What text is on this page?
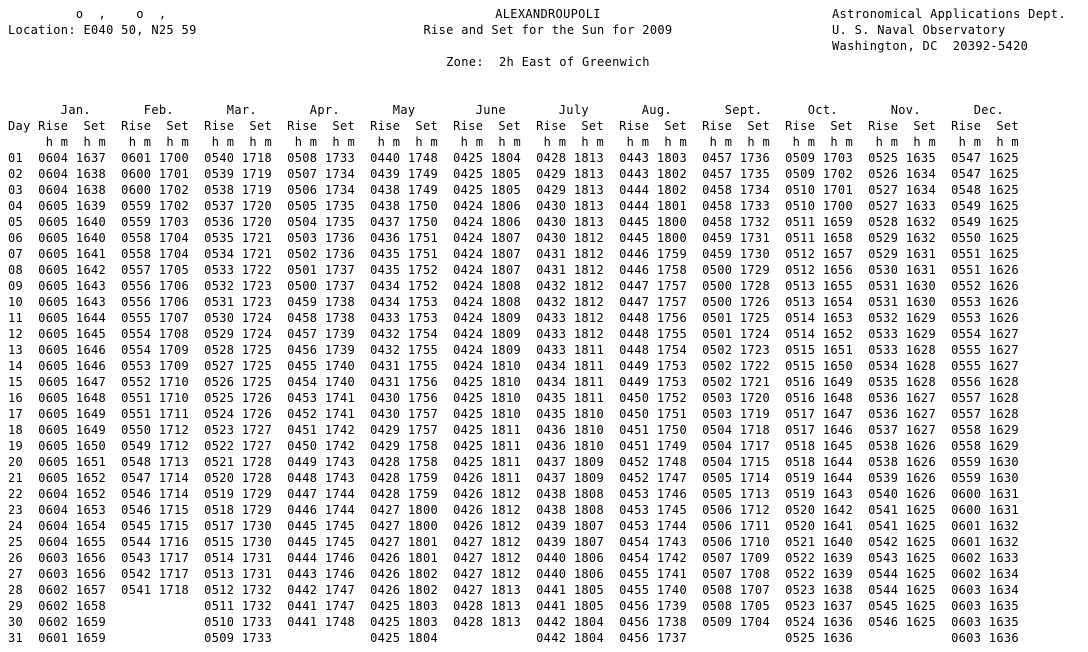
o  ,    o  ,
Location: E040 50, N25 59
ALEXANDROUPOLI
Rise and Set for the Sun for 2009
Astronomical Applications Dept.
U. S. Naval Observatory
Washington, DC  20392-5420
Zone:  2h East of Greenwich
Jan.       Feb.       Mar.       Apr.       May        June       July       Aug.       Sept.      Oct.       Nov.       Dec.
Day Rise  Set  Rise  Set  Rise  Set  Rise  Set  Rise  Set  Rise  Set  Rise  Set  Rise  Set  Rise  Set  Rise  Set  Rise  Set  Rise  Set
h m  h m   h m  h m   h m  h m   h m  h m   h m  h m   h m  h m   h m  h m   h m  h m   h m  h m   h m  h m   h m  h m   h m  h m
01  0604 1637  0601 1700  0540 1718  0508 1733  0440 1748  0425 1804  0428 1813  0443 1803  0457 1736  0509 1703  0525 1635  0547 1625
02  0604 1638  0600 1701  0539 1719  0507 1734  0439 1749  0425 1805  0429 1813  0443 1802  0457 1735  0509 1702  0526 1634  0547 1625
03  0604 1638  0600 1702  0538 1719  0506 1734  0438 1749  0425 1805  0429 1813  0444 1802  0458 1734  0510 1701  0527 1634  0548 1625
04  0605 1639  0559 1702  0537 1720  0505 1735  0438 1750  0424 1806  0430 1813  0444 1801  0458 1733  0510 1700  0527 1633  0549 1625
05  0605 1640  0559 1703  0536 1720  0504 1735  0437 1750  0424 1806  0430 1813  0445 1800  0458 1732  0511 1659  0528 1632  0549 1625
06  0605 1640  0558 1704  0535 1721  0503 1736  0436 1751  0424 1807  0430 1812  0445 1800  0459 1731  0511 1658  0529 1632  0550 1625
07  0605 1641  0558 1704  0534 1721  0502 1736  0435 1751  0424 1807  0431 1812  0446 1759  0459 1730  0512 1657  0529 1631  0551 1625
08  0605 1642  0557 1705  0533 1722  0501 1737  0435 1752  0424 1807  0431 1812  0446 1758  0500 1729  0512 1656  0530 1631  0551 1626
09  0605 1643  0556 1706  0532 1723  0500 1737  0434 1752  0424 1808  0432 1812  0447 1757  0500 1728  0513 1655  0531 1630  0552 1626
10  0605 1643  0556 1706  0531 1723  0459 1738  0434 1753  0424 1808  0432 1812  0447 1757  0500 1726  0513 1654  0531 1630  0553 1626
11  0605 1644  0555 1707  0530 1724  0458 1738  0433 1753  0424 1809  0433 1812  0448 1756  0501 1725  0514 1653  0532 1629  0553 1626
12  0605 1645  0554 1708  0529 1724  0457 1739  0432 1754  0424 1809  0433 1812  0448 1755  0501 1724  0514 1652  0533 1629  0554 1627
13  0605 1646  0554 1709  0528 1725  0456 1739  0432 1755  0424 1809  0433 1811  0448 1754  0502 1723  0515 1651  0533 1628  0555 1627
14  0605 1646  0553 1709  0527 1725  0455 1740  0431 1755  0424 1810  0434 1811  0449 1753  0502 1722  0515 1650  0534 1628  0555 1627
15  0605 1647  0552 1710  0526 1725  0454 1740  0431 1756  0425 1810  0434 1811  0449 1753  0502 1721  0516 1649  0535 1628  0556 1628
16  0605 1648  0551 1710  0525 1726  0453 1741  0430 1756  0425 1810  0435 1811  0450 1752  0503 1720  0516 1648  0536 1627  0557 1628
17  0605 1649  0551 1711  0524 1726  0452 1741  0430 1757  0425 1810  0435 1810  0450 1751  0503 1719  0517 1647  0536 1627  0557 1628
18  0605 1649  0550 1712  0523 1727  0451 1742  0429 1757  0425 1811  0436 1810  0451 1750  0504 1718  0517 1646  0537 1627  0558 1629
19  0605 1650  0549 1712  0522 1727  0450 1742  0429 1758  0425 1811  0436 1810  0451 1749  0504 1717  0518 1645  0538 1626  0558 1629
20  0605 1651  0548 1713  0521 1728  0449 1743  0428 1758  0425 1811  0437 1809  0452 1748  0504 1715  0518 1644  0538 1626  0559 1630
21  0605 1652  0547 1714  0520 1728  0448 1743  0428 1759  0426 1811  0437 1809  0452 1747  0505 1714  0519 1644  0539 1626  0559 1630
22  0604 1652  0546 1714  0519 1729  0447 1744  0428 1759  0426 1812  0438 1808  0453 1746  0505 1713  0519 1643  0540 1626  0600 1631
23  0604 1653  0546 1715  0518 1729  0446 1744  0427 1800  0426 1812  0438 1808  0453 1745  0506 1712  0520 1642  0541 1625  0600 1631
24  0604 1654  0545 1715  0517 1730  0445 1745  0427 1800  0426 1812  0439 1807  0453 1744  0506 1711  0520 1641  0541 1625  0601 1632
25  0604 1655  0544 1716  0515 1730  0445 1745  0427 1801  0427 1812  0439 1807  0454 1743  0506 1710  0521 1640  0542 1625  0601 1632
26  0603 1656  0543 1717  0514 1731  0444 1746  0426 1801  0427 1812  0440 1806  0454 1742  0507 1709  0522 1639  0543 1625  0602 1633
27  0603 1656  0542 1717  0513 1731  0443 1746  0426 1802  0427 1812  0440 1806  0455 1741  0507 1708  0522 1639  0544 1625  0602 1634
28  0602 1657  0541 1718  0512 1732  0442 1747  0426 1802  0427 1813  0441 1805  0455 1740  0508 1707  0523 1638  0544 1625  0603 1634
29  0602 1658             0511 1732  0441 1747  0425 1803  0428 1813  0441 1805  0456 1739  0508 1705  0523 1637  0545 1625  0603 1635
30  0602 1659             0510 1733  0441 1748  0425 1803  0428 1813  0442 1804  0456 1738  0509 1704  0524 1636  0546 1625  0603 1635
31  0601 1659             0509 1733             0425 1804             0442 1804  0456 1737             0525 1636             0603 1636
